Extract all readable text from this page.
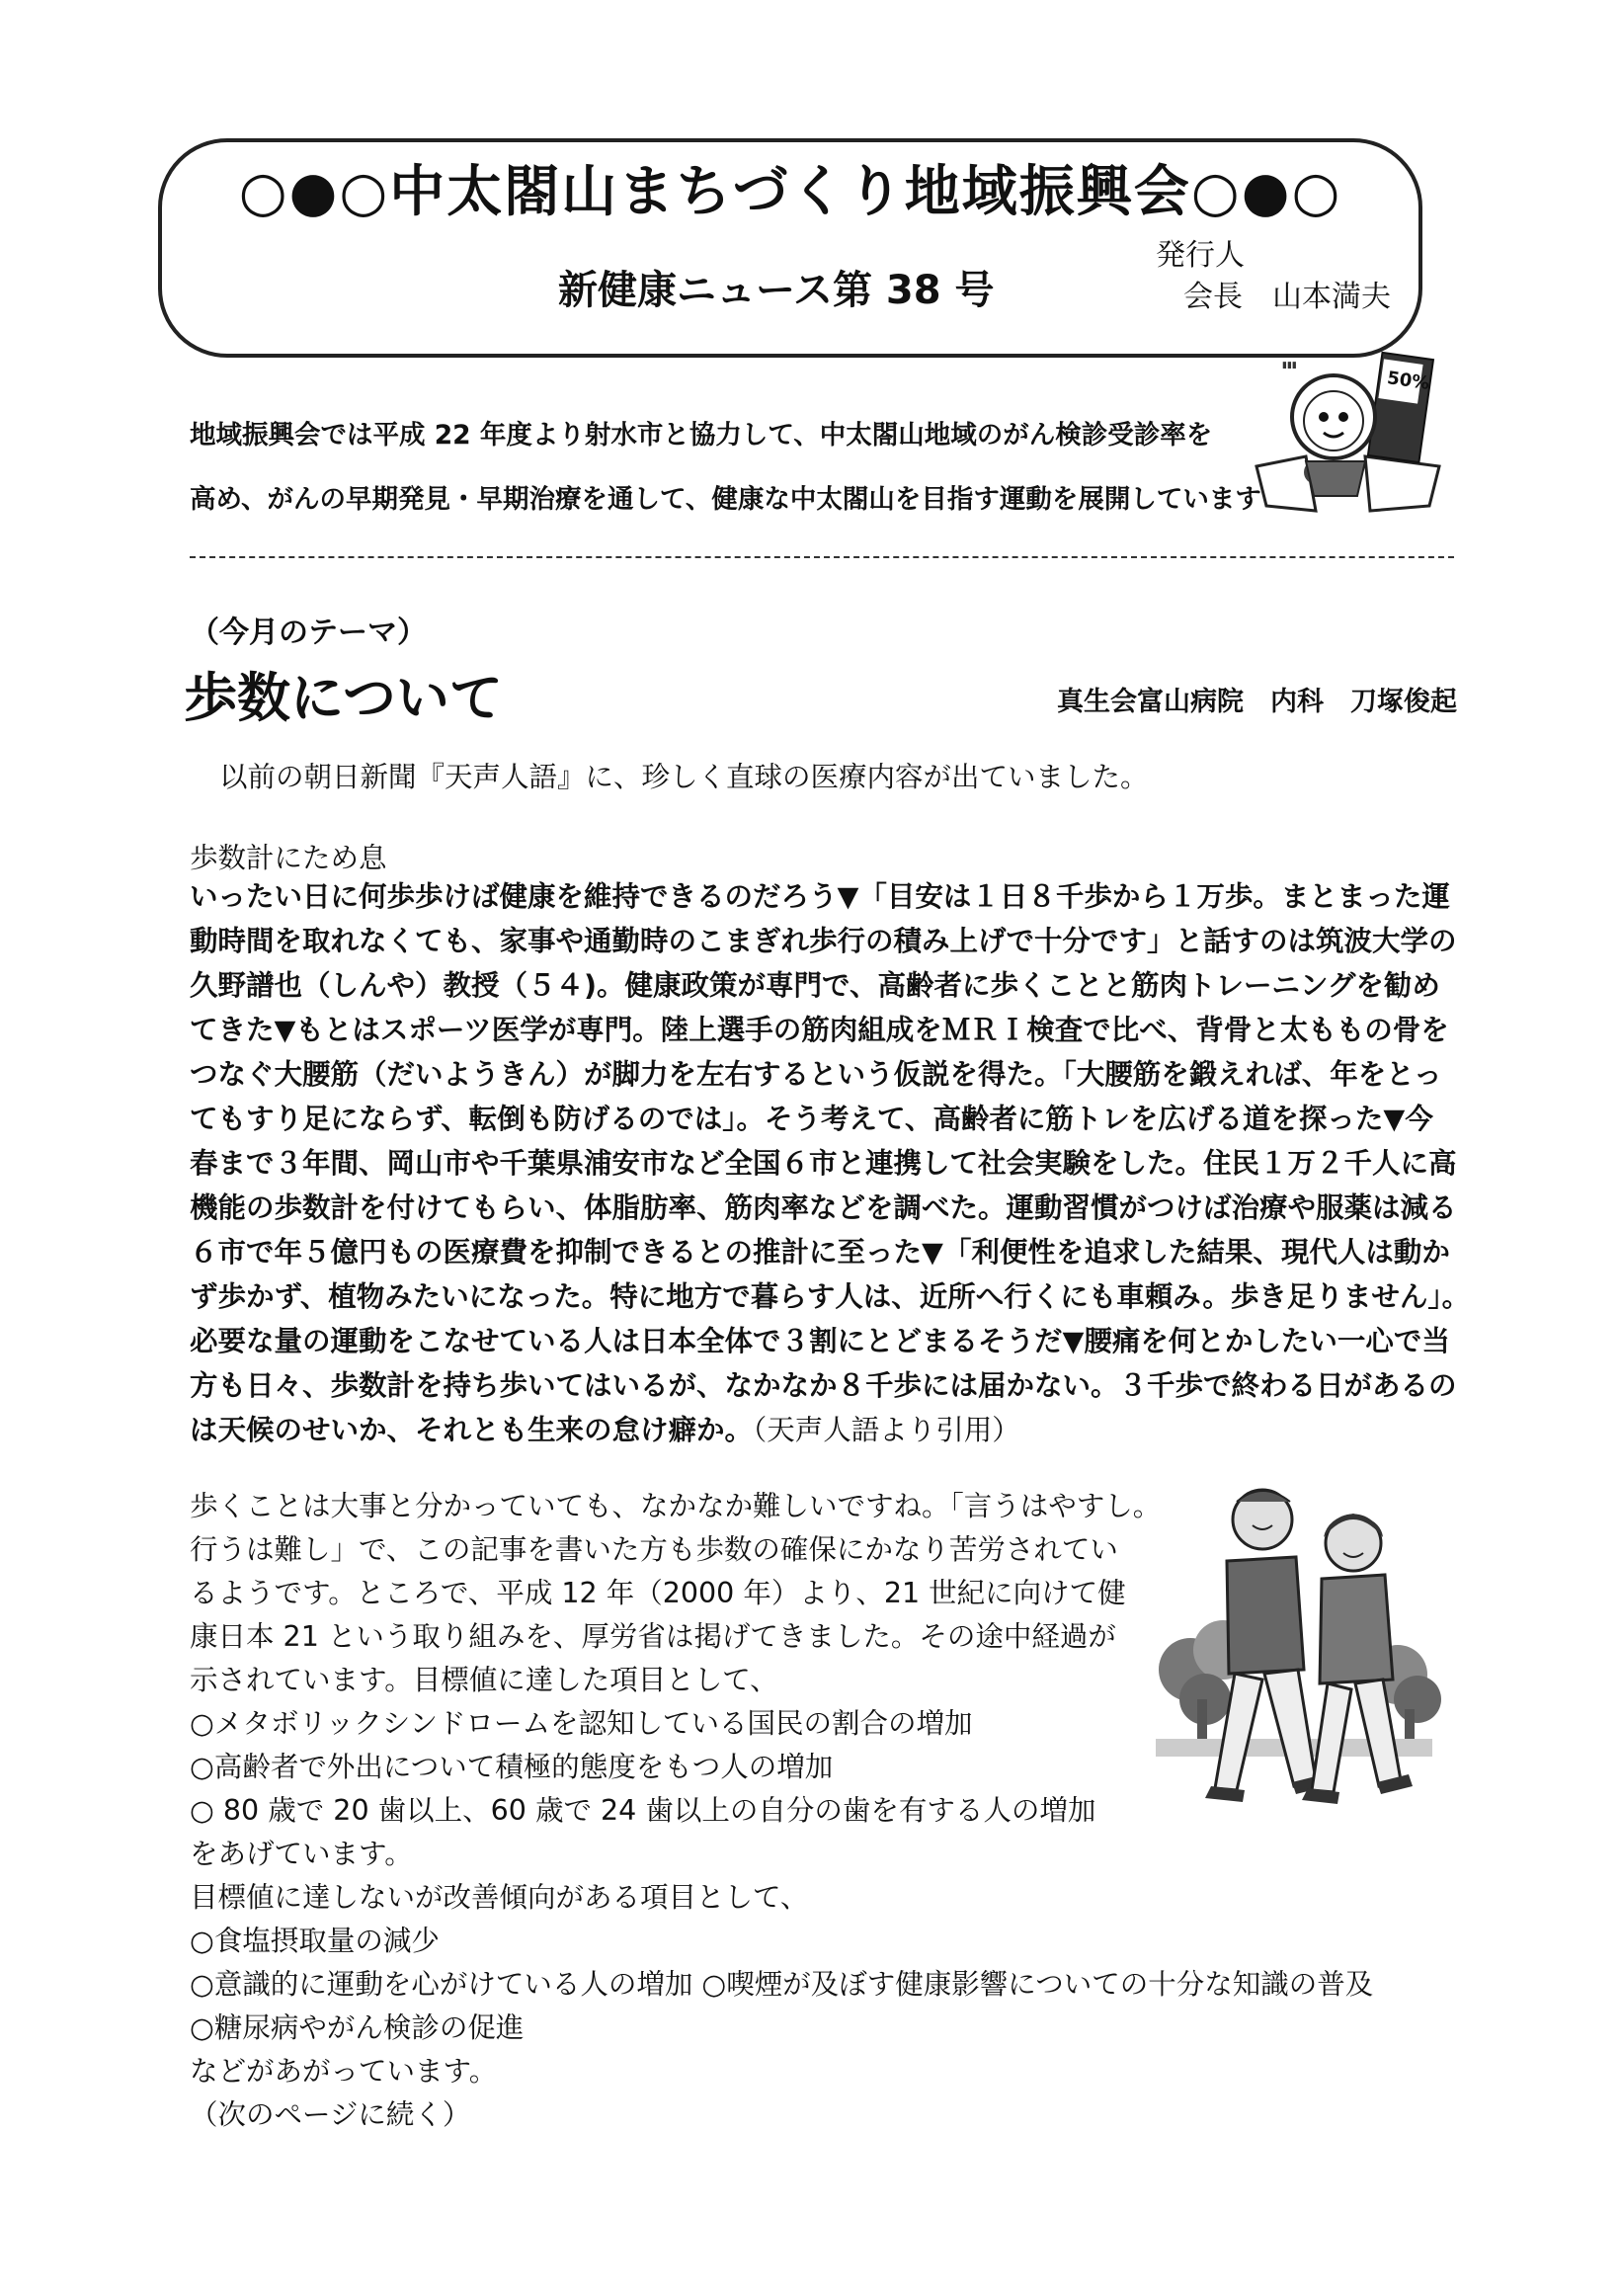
○●○中太閤山まちづくり地域振興会○●○
新健康ニュース第 38 号
発行人
会長　山本満夫
50%
▮▮▮
地域振興会では平成 22 年度より射水市と協力して、中太閤山地域のがん検診受診率を
高め、がんの早期発見・早期治療を通して、健康な中太閤山を目指す運動を展開しています
（今月のテーマ）
歩数について	真生会富山病院　内科　刀塚俊起
以前の朝日新聞『天声人語』に、珍しく直球の医療内容が出ていました。
歩数計にため息
いったい日に何歩歩けば健康を維持できるのだろう▼「目安は１日８千歩から１万歩。まとまった運
動時間を取れなくても、家事や通勤時のこまぎれ歩行の積み上げで十分です」と話すのは筑波大学の
久野譜也（しんや）教授（５４)。健康政策が専門で、高齢者に歩くことと筋肉トレーニングを勧め
てきた▼もとはスポーツ医学が専門。陸上選手の筋肉組成をＭＲＩ検査で比べ、背骨と太ももの骨を
つなぐ大腰筋（だいようきん）が脚力を左右するという仮説を得た。「大腰筋を鍛えれば、年をとっ
てもすり足にならず、転倒も防げるのでは」。そう考えて、高齢者に筋トレを広げる道を探った▼今
春まで３年間、岡山市や千葉県浦安市など全国６市と連携して社会実験をした。住民１万２千人に高
機能の歩数計を付けてもらい、体脂肪率、筋肉率などを調べた。運動習慣がつけば治療や服薬は減る
６市で年５億円もの医療費を抑制できるとの推計に至った▼「利便性を追求した結果、現代人は動か
ず歩かず、植物みたいになった。特に地方で暮らす人は、近所へ行くにも車頼み。歩き足りません」。
必要な量の運動をこなせている人は日本全体で３割にとどまるそうだ▼腰痛を何とかしたい一心で当
方も日々、歩数計を持ち歩いてはいるが、なかなか８千歩には届かない。３千歩で終わる日があるの
は天候のせいか、それとも生来の怠け癖か。（天声人語より引用）
歩くことは大事と分かっていても、なかなか難しいですね。「言うはやすし。
行うは難し」で、この記事を書いた方も歩数の確保にかなり苦労されてい
るようです。ところで、平成 12 年（2000 年）より、21 世紀に向けて健
康日本 21 という取り組みを、厚労省は掲げてきました。その途中経過が
示されています。目標値に達した項目として、
○メタボリックシンドロームを認知している国民の割合の増加
○高齢者で外出について積極的態度をもつ人の増加
○ 80 歳で 20 歯以上、60 歳で 24 歯以上の自分の歯を有する人の増加
をあげています。
目標値に達しないが改善傾向がある項目として、
○食塩摂取量の減少
○意識的に運動を心がけている人の増加 ○喫煙が及ぼす健康影響についての十分な知識の普及
○糖尿病やがん検診の促進
などがあがっています。
（次のページに続く）
